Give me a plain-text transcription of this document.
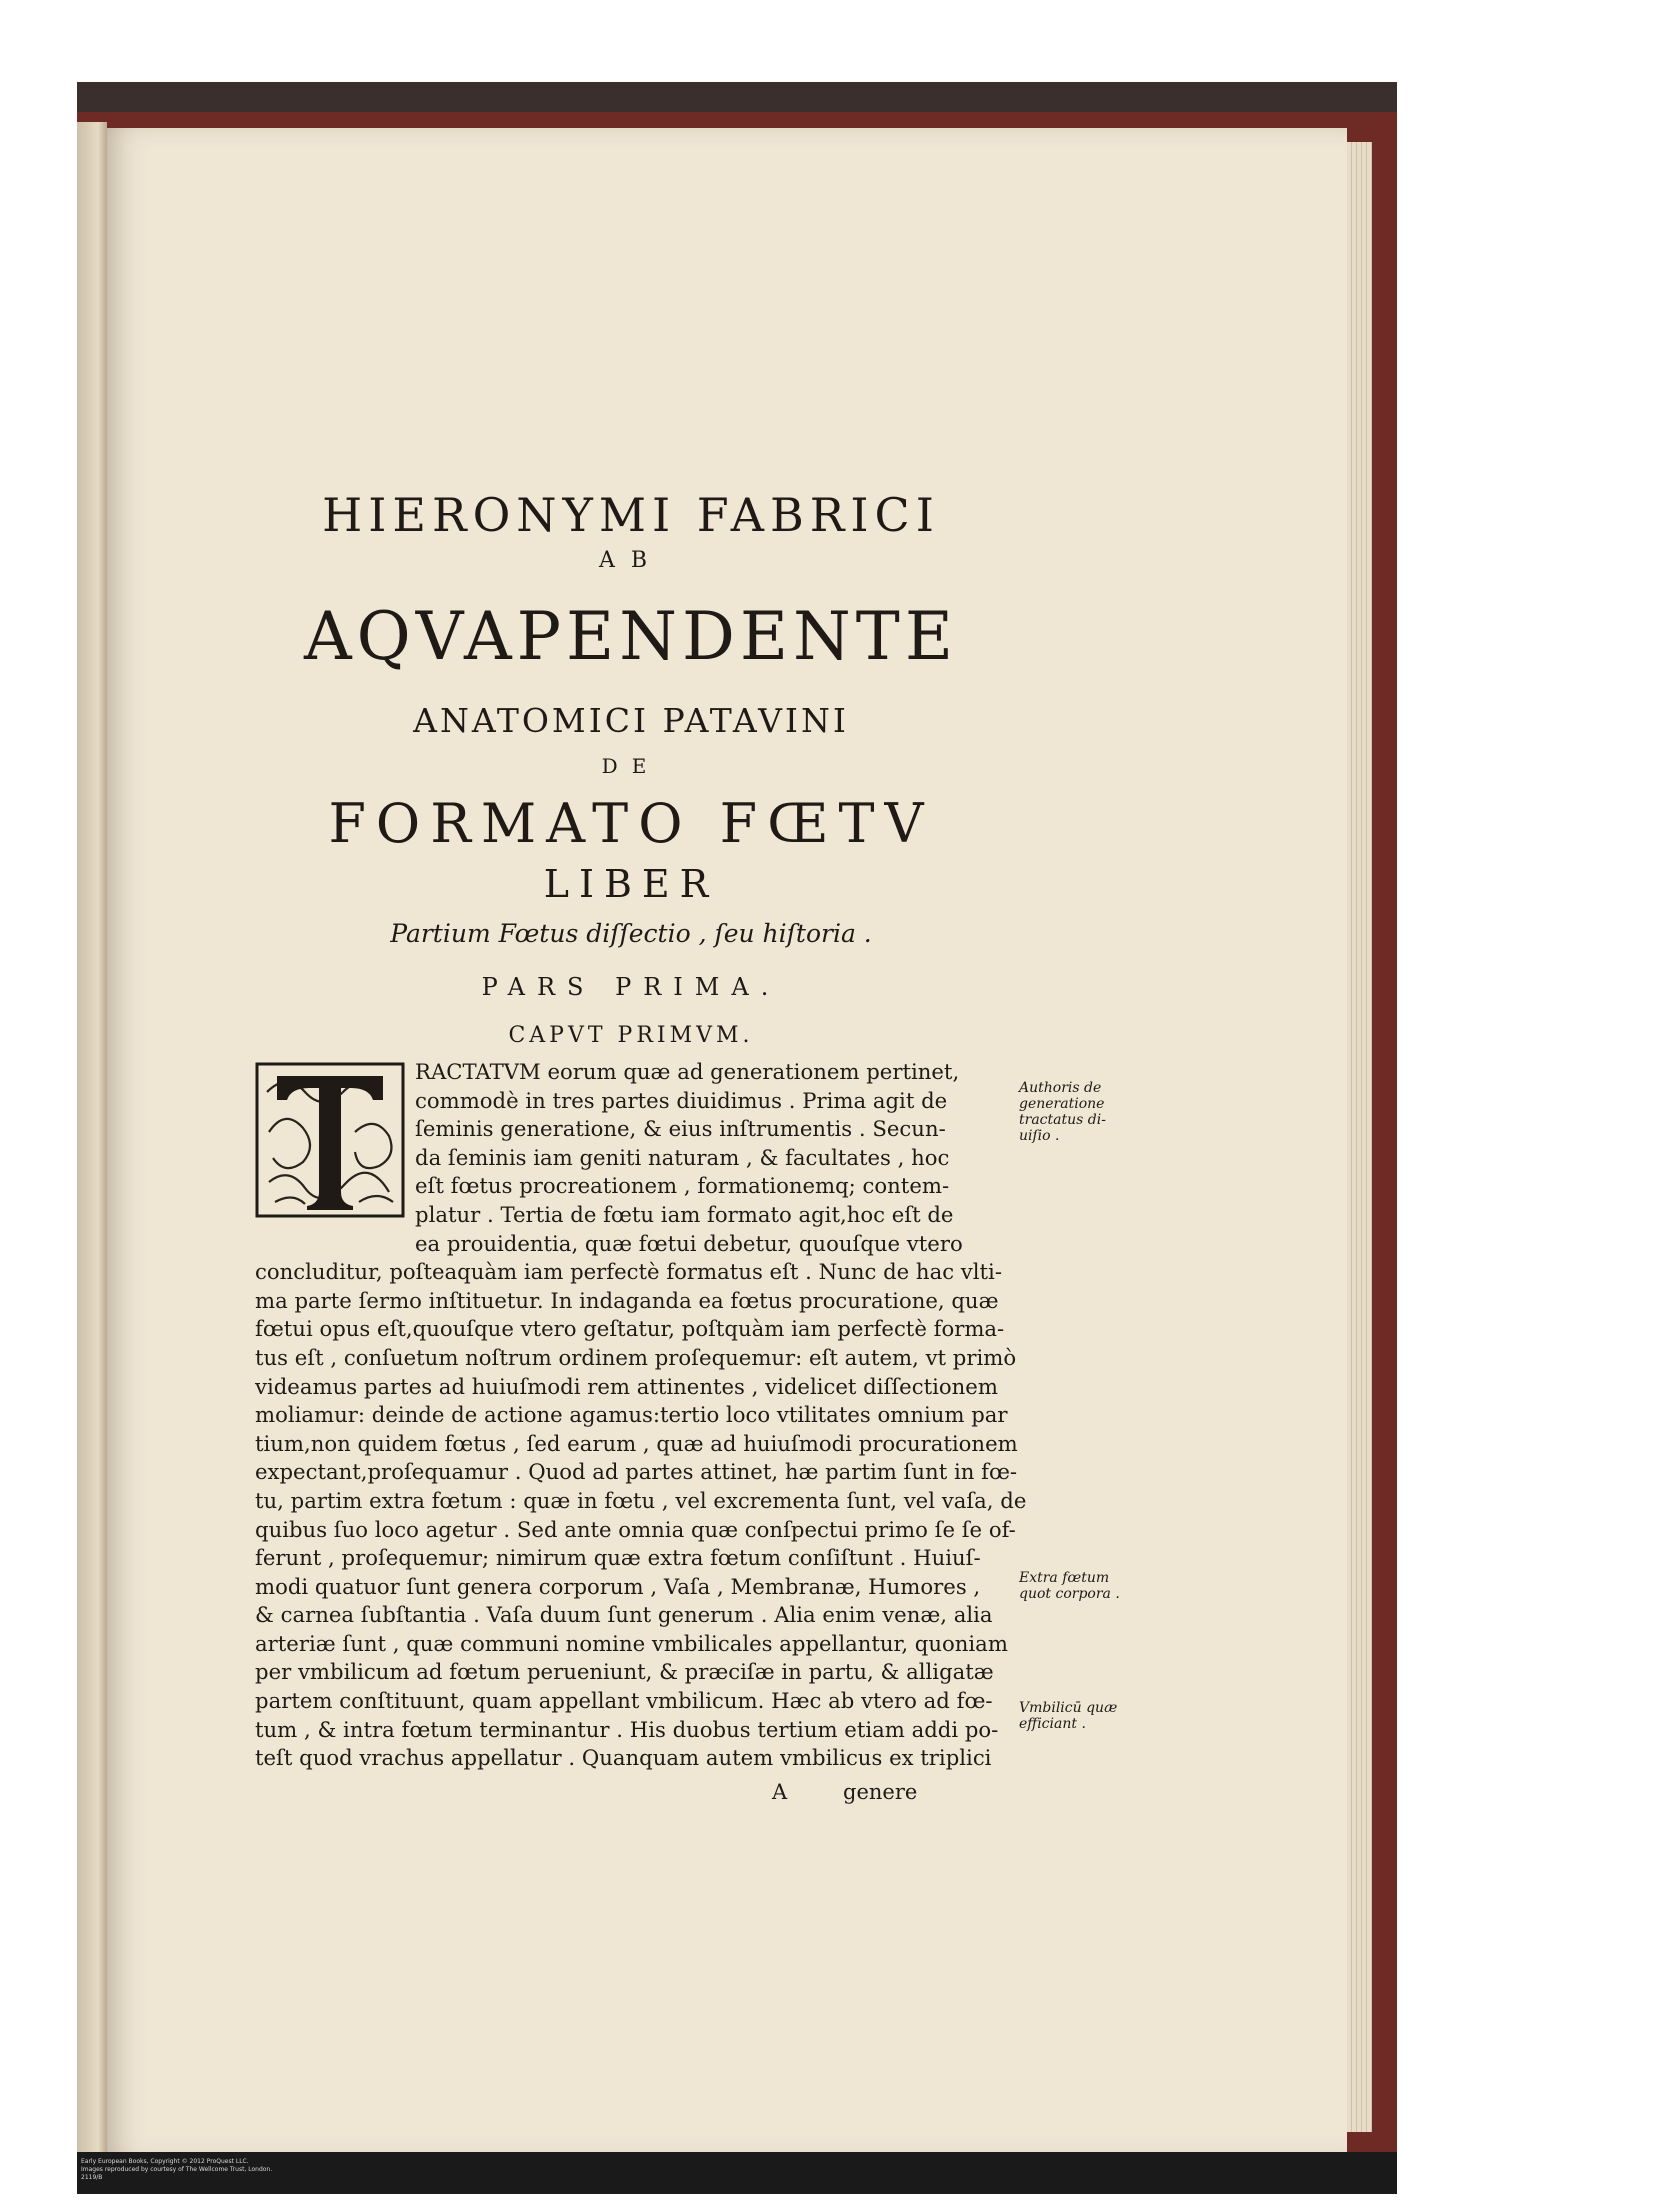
HIERONYMI FABRICI
AB
AQVAPENDENTE
ANATOMICI PATAVINI
DE
FORMATO FŒTV
LIBER
Partium Fœtus diſſectio , ſeu hiſtoria .
PARS PRIMA.
CAPVT PRIMVM.
RACTATVM eorum quæ ad generationem pertinet,
commodè in tres partes diuidimus . Prima agit de
ſeminis generatione, & eius inſtrumentis . Secun-
da ſeminis iam geniti naturam , & facultates , hoc
eſt fœtus procreationem , formationemq; contem-
platur . Tertia de fœtu iam formato agit,hoc eſt de
ea prouidentia, quæ fœtui debetur, quouſque vtero
concluditur, poſteaquàm iam perfectè formatus eſt . Nunc de hac vlti-
ma parte ſermo inſtituetur. In indaganda ea fœtus procuratione, quæ
fœtui opus eſt,quouſque vtero geſtatur, poſtquàm iam perfectè forma-
tus eſt , conſuetum noſtrum ordinem proſequemur: eſt autem, vt primò
videamus partes ad huiuſmodi rem attinentes , videlicet diſſectionem
moliamur: deinde de actione agamus:tertio loco vtilitates omnium par
tium,non quidem fœtus , ſed earum , quæ ad huiuſmodi procurationem
expectant,proſequamur . Quod ad partes attinet, hæ partim ſunt in fœ-
tu, partim extra fœtum : quæ in fœtu , vel excrementa ſunt, vel vaſa, de
quibus ſuo loco agetur . Sed ante omnia quæ conſpectui primo ſe ſe of-
ferunt , proſequemur; nimirum quæ extra fœtum conſiſtunt . Huiuſ-
modi quatuor ſunt genera corporum , Vaſa , Membranæ, Humores ,
& carnea ſubſtantia . Vaſa duum ſunt generum . Alia enim venæ, alia
arteriæ ſunt , quæ communi nomine vmbilicales appellantur, quoniam
per vmbilicum ad fœtum perueniunt, & præciſæ in partu, & alligatæ
partem conſtituunt, quam appellant vmbilicum. Hæc ab vtero ad fœ-
tum , & intra fœtum terminantur . His duobus tertium etiam addi po-
teſt quod vrachus appellatur . Quanquam autem vmbilicus ex triplici
Authoris de
generatione
tractatus di-
uiſio .
Extra fœtum
quot corpora .
Vmbilicū quæ
efficiant .
A	genere
Early European Books, Copyright © 2012 ProQuest LLC.
Images reproduced by courtesy of The Wellcome Trust, London.
2119/B
